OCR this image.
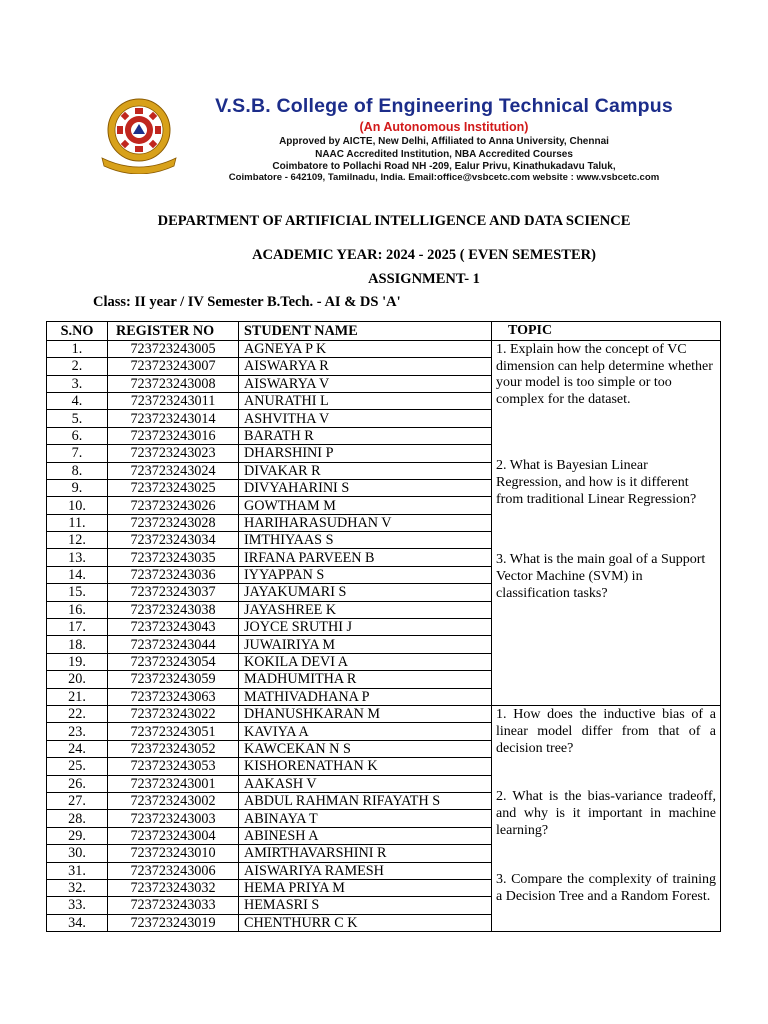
V.S.B. College of Engineering Technical Campus
(An Autonomous Institution)
Approved by AICTE, New Delhi, Affiliated to Anna University, Chennai
NAAC Accredited Institution, NBA Accredited Courses
Coimbatore to Pollachi Road NH -209, Ealur Privu, Kinathukadavu Taluk,
Coimbatore - 642109, Tamilnadu, India. Email:office@vsbcetc.com website : www.vsbcetc.com
DEPARTMENT OF ARTIFICIAL INTELLIGENCE AND DATA SCIENCE
ACADEMIC YEAR: 2024 - 2025 ( EVEN SEMESTER)
ASSIGNMENT- 1
Class: II year / IV Semester B.Tech. - AI & DS 'A'
S.NO	REGISTER NO	STUDENT NAME	TOPIC
1.	723723243005	AGNEYA P K	1. Explain how the concept of VC dimension can help determine whether your model is too simple or too complex for the dataset.

2. What is Bayesian Linear Regression, and how is it different from traditional Linear Regression?

3. What is the main goal of a Support Vector Machine (SVM) in classification tasks?

2.	723723243007	AISWARYA R	
3.	723723243008	AISWARYA V	
4.	723723243011	ANURATHI L	
5.	723723243014	ASHVITHA V	
6.	723723243016	BARATH R	
7.	723723243023	DHARSHINI P	
8.	723723243024	DIVAKAR R	
9.	723723243025	DIVYAHARINI S	
10.	723723243026	GOWTHAM M	
11.	723723243028	HARIHARASUDHAN V	
12.	723723243034	IMTHIYAAS S	
13.	723723243035	IRFANA PARVEEN B	
14.	723723243036	IYYAPPAN S	
15.	723723243037	JAYAKUMARI S	
16.	723723243038	JAYASHREE K	
17.	723723243043	JOYCE SRUTHI J	
18.	723723243044	JUWAIRIYA M	
19.	723723243054	KOKILA DEVI A	
20.	723723243059	MADHUMITHA R	
21.	723723243063	MATHIVADHANA P	
22.	723723243022	DHANUSHKARAN M	1. How does the inductive bias of a linear model differ from that of a decision tree?

2. What is the bias-variance tradeoff, and why is it important in machine learning?

3. Compare the complexity of training a Decision Tree and a Random Forest.

23.	723723243051	KAVIYA A	
24.	723723243052	KAWCEKAN N S	
25.	723723243053	KISHORENATHAN K	
26.	723723243001	AAKASH V	
27.	723723243002	ABDUL RAHMAN RIFAYATH S	
28.	723723243003	ABINAYA T	
29.	723723243004	ABINESH A	
30.	723723243010	AMIRTHAVARSHINI R	
31.	723723243006	AISWARIYA RAMESH	
32.	723723243032	HEMA PRIYA M	
33.	723723243033	HEMASRI S	
34.	723723243019	CHENTHURR C K	
